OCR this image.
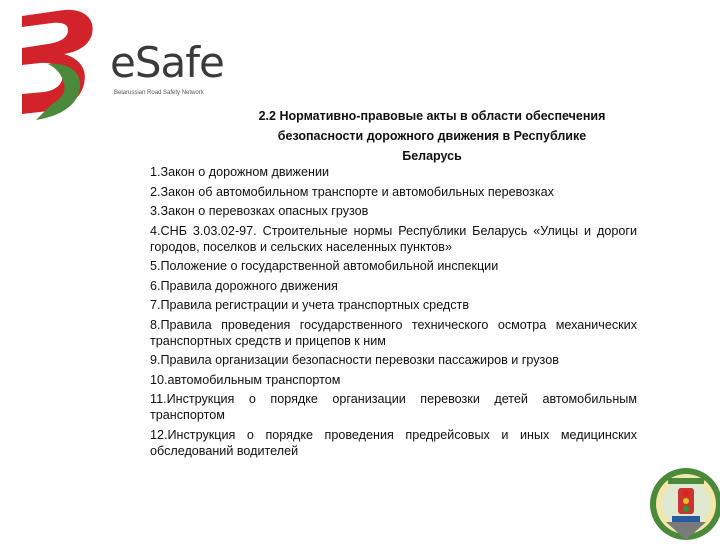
eSafe
Belarussian Road Safety Network
2.2 Нормативно-правовые акты в области обеспечения
безопасности дорожного движения в Республике
Беларусь
1.Закон о дорожном движении
2.Закон об автомобильном транспорте и автомобильных перевозках
3.Закон о перевозках опасных грузов
4.СНБ 3.03.02-97. Строительные нормы Республики Беларусь «Улицы и дороги городов, поселков и сельских населенных пунктов»
5.Положение о государственной автомобильной инспекции
6.Правила дорожного движения
7.Правила регистрации и учета транспортных средств
8.Правила проведения государственного технического осмотра механических транспортных средств и прицепов к ним
9.Правила организации безопасности перевозки пассажиров и грузов
10.автомобильным транспортом
11.Инструкция о порядке организации перевозки детей автомобильным транспортом
12.Инструкция о порядке проведения предрейсовых и иных медицинских обследований водителей
